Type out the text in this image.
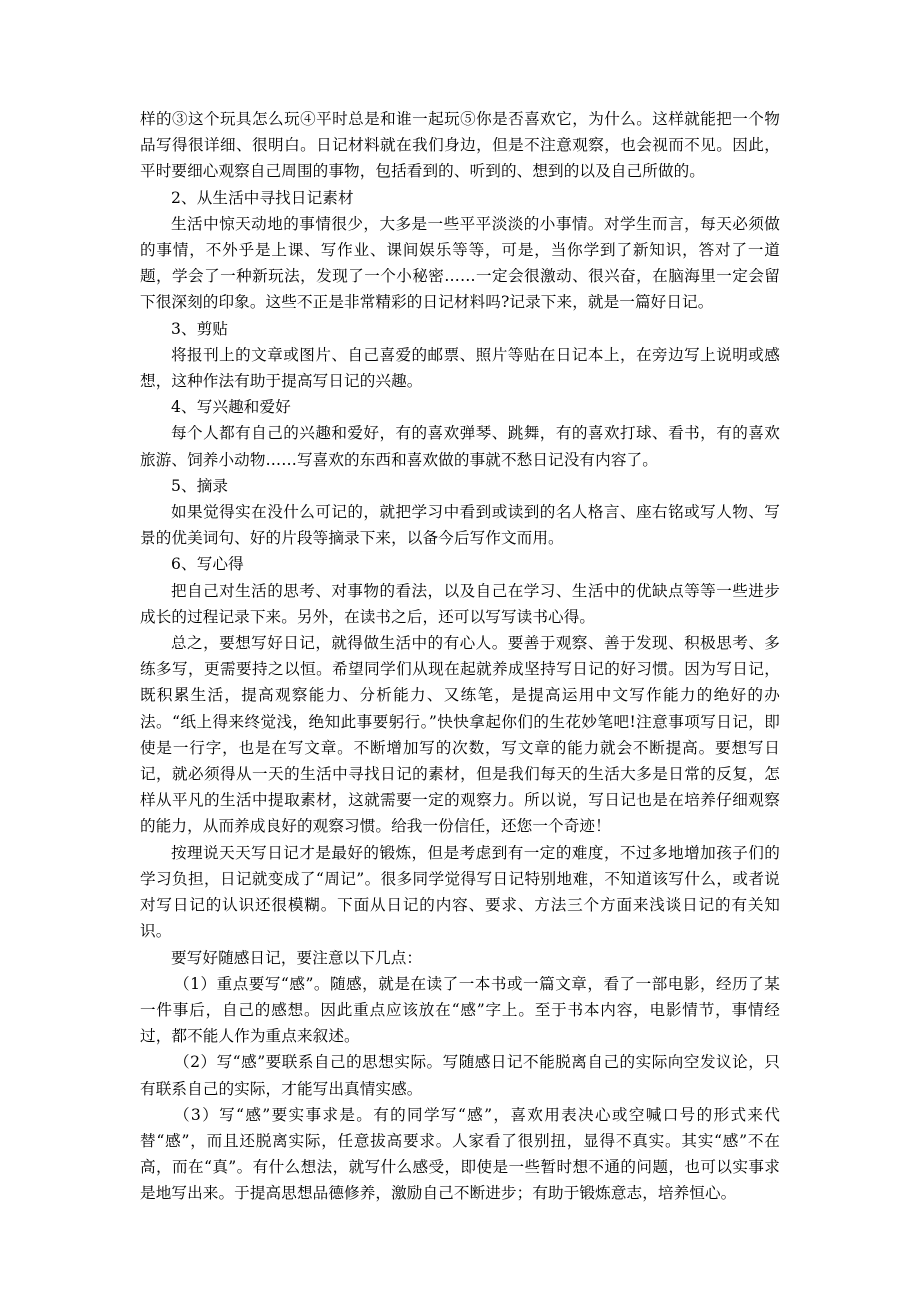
样的③这个玩具怎么玩④平时总是和谁一起玩⑤你是否喜欢它，为什么。这样就能把一个物品写得很详细、很明白。日记材料就在我们身边，但是不注意观察，也会视而不见。因此，平时要细心观察自己周围的事物，包括看到的、听到的、想到的以及自己所做的。

2、从生活中寻找日记素材

生活中惊天动地的事情很少，大多是一些平平淡淡的小事情。对学生而言，每天必须做的事情，不外乎是上课、写作业、课间娱乐等等，可是，当你学到了新知识，答对了一道题，学会了一种新玩法，发现了一个小秘密……一定会很激动、很兴奋，在脑海里一定会留下很深刻的印象。这些不正是非常精彩的日记材料吗?记录下来，就是一篇好日记。

3、剪贴

将报刊上的文章或图片、自己喜爱的邮票、照片等贴在日记本上，在旁边写上说明或感想，这种作法有助于提高写日记的兴趣。

4、写兴趣和爱好

每个人都有自己的兴趣和爱好，有的喜欢弹琴、跳舞，有的喜欢打球、看书，有的喜欢旅游、饲养小动物……写喜欢的东西和喜欢做的事就不愁日记没有内容了。

5、摘录

如果觉得实在没什么可记的，就把学习中看到或读到的名人格言、座右铭或写人物、写景的优美词句、好的片段等摘录下来，以备今后写作文而用。

6、写心得

把自己对生活的思考、对事物的看法，以及自己在学习、生活中的优缺点等等一些进步成长的过程记录下来。另外，在读书之后，还可以写写读书心得。

总之，要想写好日记，就得做生活中的有心人。要善于观察、善于发现、积极思考、多练多写，更需要持之以恒。希望同学们从现在起就养成坚持写日记的好习惯。因为写日记，既积累生活，提高观察能力、分析能力、又练笔，是提高运用中文写作能力的绝好的办法。“纸上得来终觉浅，绝知此事要躬行。”快快拿起你们的生花妙笔吧!注意事项写日记，即使是一行字，也是在写文章。不断增加写的次数，写文章的能力就会不断提高。要想写日记，就必须得从一天的生活中寻找日记的素材，但是我们每天的生活大多是日常的反复，怎样从平凡的生活中提取素材，这就需要一定的观察力。所以说，写日记也是在培养仔细观察的能力，从而养成良好的观察习惯。给我一份信任，还您一个奇迹！

按理说天天写日记才是最好的锻炼，但是考虑到有一定的难度，不过多地增加孩子们的学习负担，日记就变成了“周记”。很多同学觉得写日记特别地难，不知道该写什么，或者说对写日记的认识还很模糊。下面从日记的内容、要求、方法三个方面来浅谈日记的有关知识。

要写好随感日记，要注意以下几点：

（1）重点要写“感”。随感，就是在读了一本书或一篇文章，看了一部电影，经历了某一件事后，自己的感想。因此重点应该放在“感”字上。至于书本内容，电影情节，事情经过，都不能人作为重点来叙述。

（2）写“感”要联系自己的思想实际。写随感日记不能脱离自己的实际向空发议论，只有联系自己的实际，才能写出真情实感。

（3）写“感”要实事求是。有的同学写“感”，喜欢用表决心或空喊口号的形式来代替“感”，而且还脱离实际，任意拔高要求。人家看了很别扭，显得不真实。其实“感”不在高，而在“真”。有什么想法，就写什么感受，即使是一些暂时想不通的问题，也可以实事求是地写出来。于提高思想品德修养，激励自己不断进步；有助于锻炼意志，培养恒心。
